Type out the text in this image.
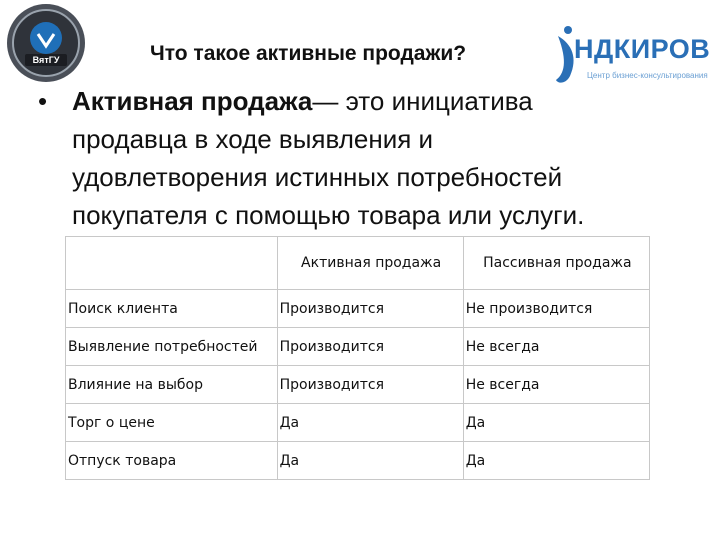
ВятГУ	НДКИРОВ
Центр бизнес-консультирования
Что такое активные продажи?
• Активная продажа— это инициатива
продавца в ходе выявления и
удовлетворения истинных потребностей
покупателя с помощью товара или услуги.
	Активная продажа	Пассивная продажа
Поиск клиента	Производится	Не производится
Выявление потребностей	Производится	Не всегда
Влияние на выбор	Производится	Не всегда
Торг о цене	Да	Да
Отпуск товара	Да	Да
